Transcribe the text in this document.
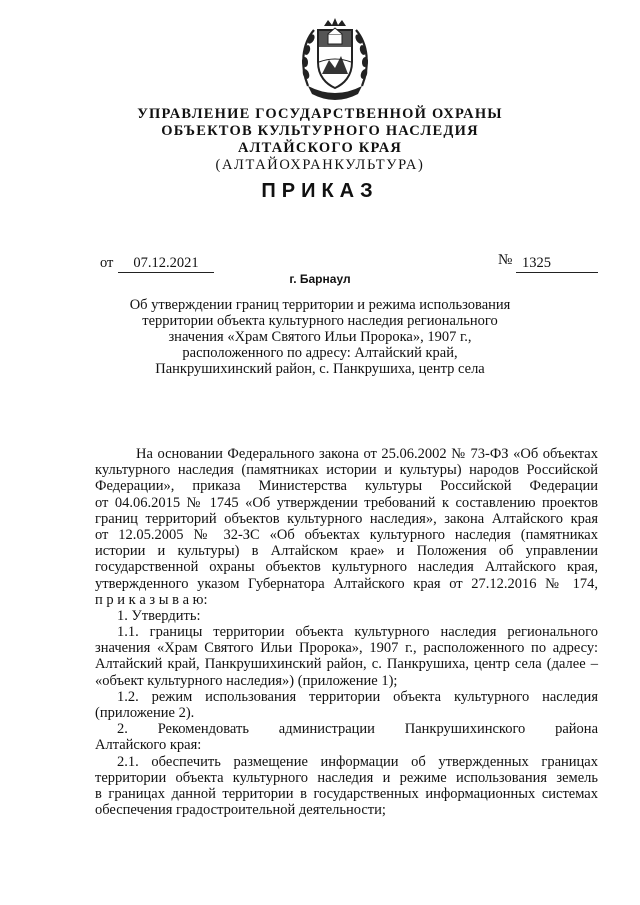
УПРАВЛЕНИЕ ГОСУДАРСТВЕННОЙ ОХРАНЫ
ОБЪЕКТОВ КУЛЬТУРНОГО НАСЛЕДИЯ
АЛТАЙСКОГО КРАЯ
(АЛТАЙОХРАНКУЛЬТУРА)
ПРИКАЗ
от	07.12.2021	№ 1325
г. Барнаул
Об утверждении границ территории и режима использования
территории объекта культурного наследия регионального
значения «Храм Святого Ильи Пророка», 1907 г.,
расположенного по адресу: Алтайский край,
Панкрушихинский район, с. Панкрушиха, центр села
На основании Федерального закона от 25.06.2002 № 73-ФЗ «Об объектах
культурного наследия (памятниках истории и культуры) народов Российской
Федерации», приказа Министерства культуры Российской Федерации
от 04.06.2015 № 1745 «Об утверждении требований к составлению проектов
границ территорий объектов культурного наследия», закона Алтайского края
от 12.05.2005 № 32-ЗС «Об объектах культурного наследия (памятниках
истории и культуры) в Алтайском крае» и Положения об управлении
государственной охраны объектов культурного наследия Алтайского края,
утвержденного указом Губернатора Алтайского края от 27.12.2016 № 174,
п р и к а з ы в а ю:
1. Утвердить:
1.1. границы территории объекта культурного наследия регионального
значения «Храм Святого Ильи Пророка», 1907 г., расположенного по адресу:
Алтайский край, Панкрушихинский район, с. Панкрушиха, центр села (далее –
«объект культурного наследия») (приложение 1);
1.2. режим использования территории объекта культурного наследия
(приложение 2).
2. Рекомендовать администрации Панкрушихинского района
Алтайского края:
2.1. обеспечить размещение информации об утвержденных границах
территории объекта культурного наследия и режиме использования земель
в границах данной территории в государственных информационных системах
обеспечения градостроительной деятельности;
